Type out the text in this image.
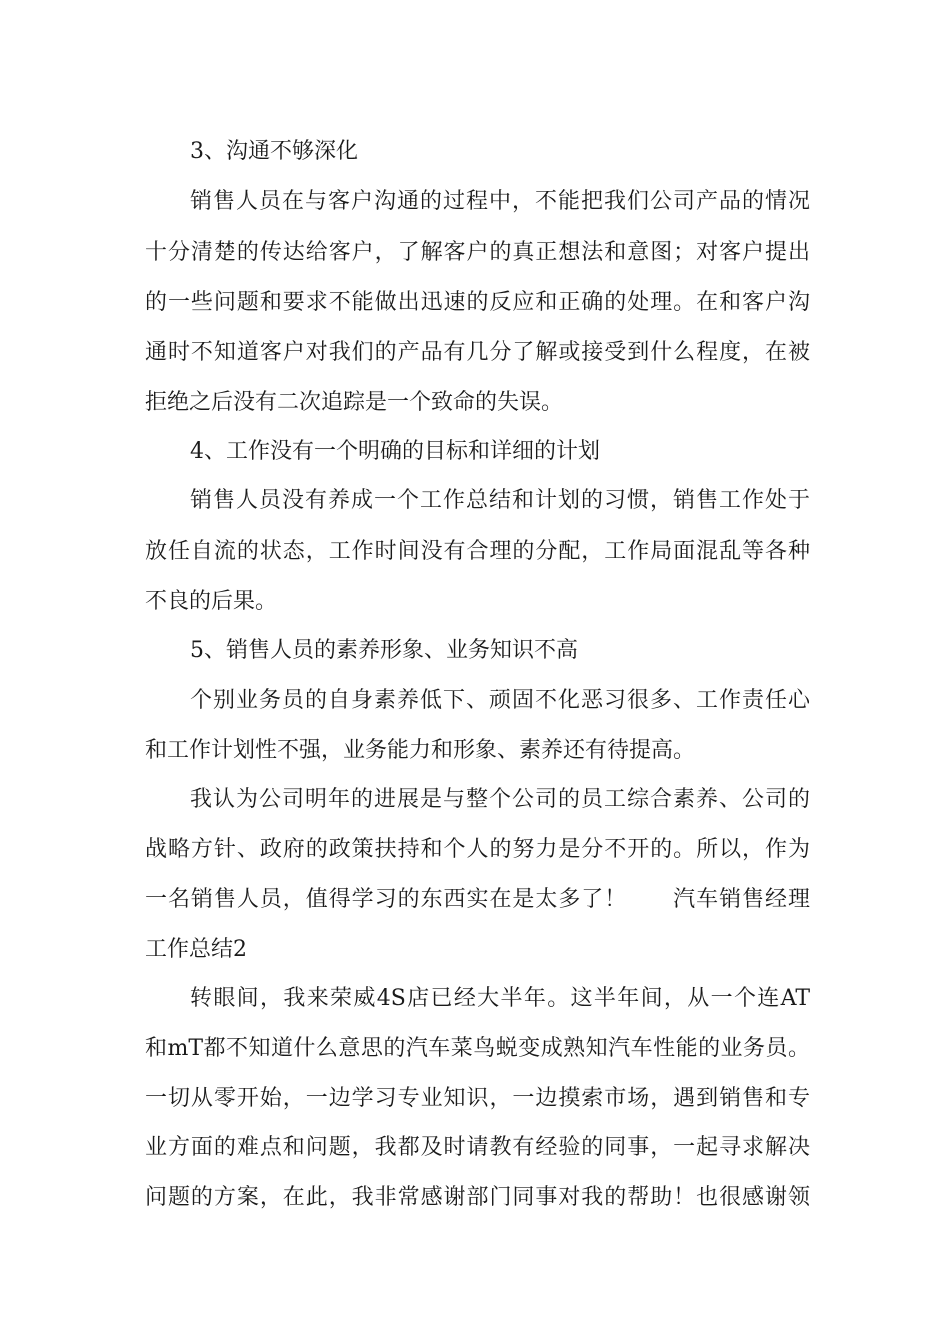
3、沟通不够深化
销售人员在与客户沟通的过程中，不能把我们公司产品的情况
十分清楚的传达给客户，了解客户的真正想法和意图；对客户提出
的一些问题和要求不能做出迅速的反应和正确的处理。在和客户沟
通时不知道客户对我们的产品有几分了解或接受到什么程度，在被
拒绝之后没有二次追踪是一个致命的失误。
4、工作没有一个明确的目标和详细的计划
销售人员没有养成一个工作总结和计划的习惯，销售工作处于
放任自流的状态，工作时间没有合理的分配，工作局面混乱等各种
不良的后果。
5、销售人员的素养形象、业务知识不高
个别业务员的自身素养低下、顽固不化恶习很多、工作责任心
和工作计划性不强，业务能力和形象、素养还有待提高。
我认为公司明年的进展是与整个公司的员工综合素养、公司的
战略方针、政府的政策扶持和个人的努力是分不开的。所以，作为
一名销售人员，值得学习的东西实在是太多了！　　汽车销售经理
工作总结2
转眼间，我来荣威4S店已经大半年。这半年间，从一个连AT
和mT都不知道什么意思的汽车菜鸟蜕变成熟知汽车性能的业务员。
一切从零开始，一边学习专业知识，一边摸索市场，遇到销售和专
业方面的难点和问题，我都及时请教有经验的同事，一起寻求解决
问题的方案，在此，我非常感谢部门同事对我的帮助！也很感谢领
